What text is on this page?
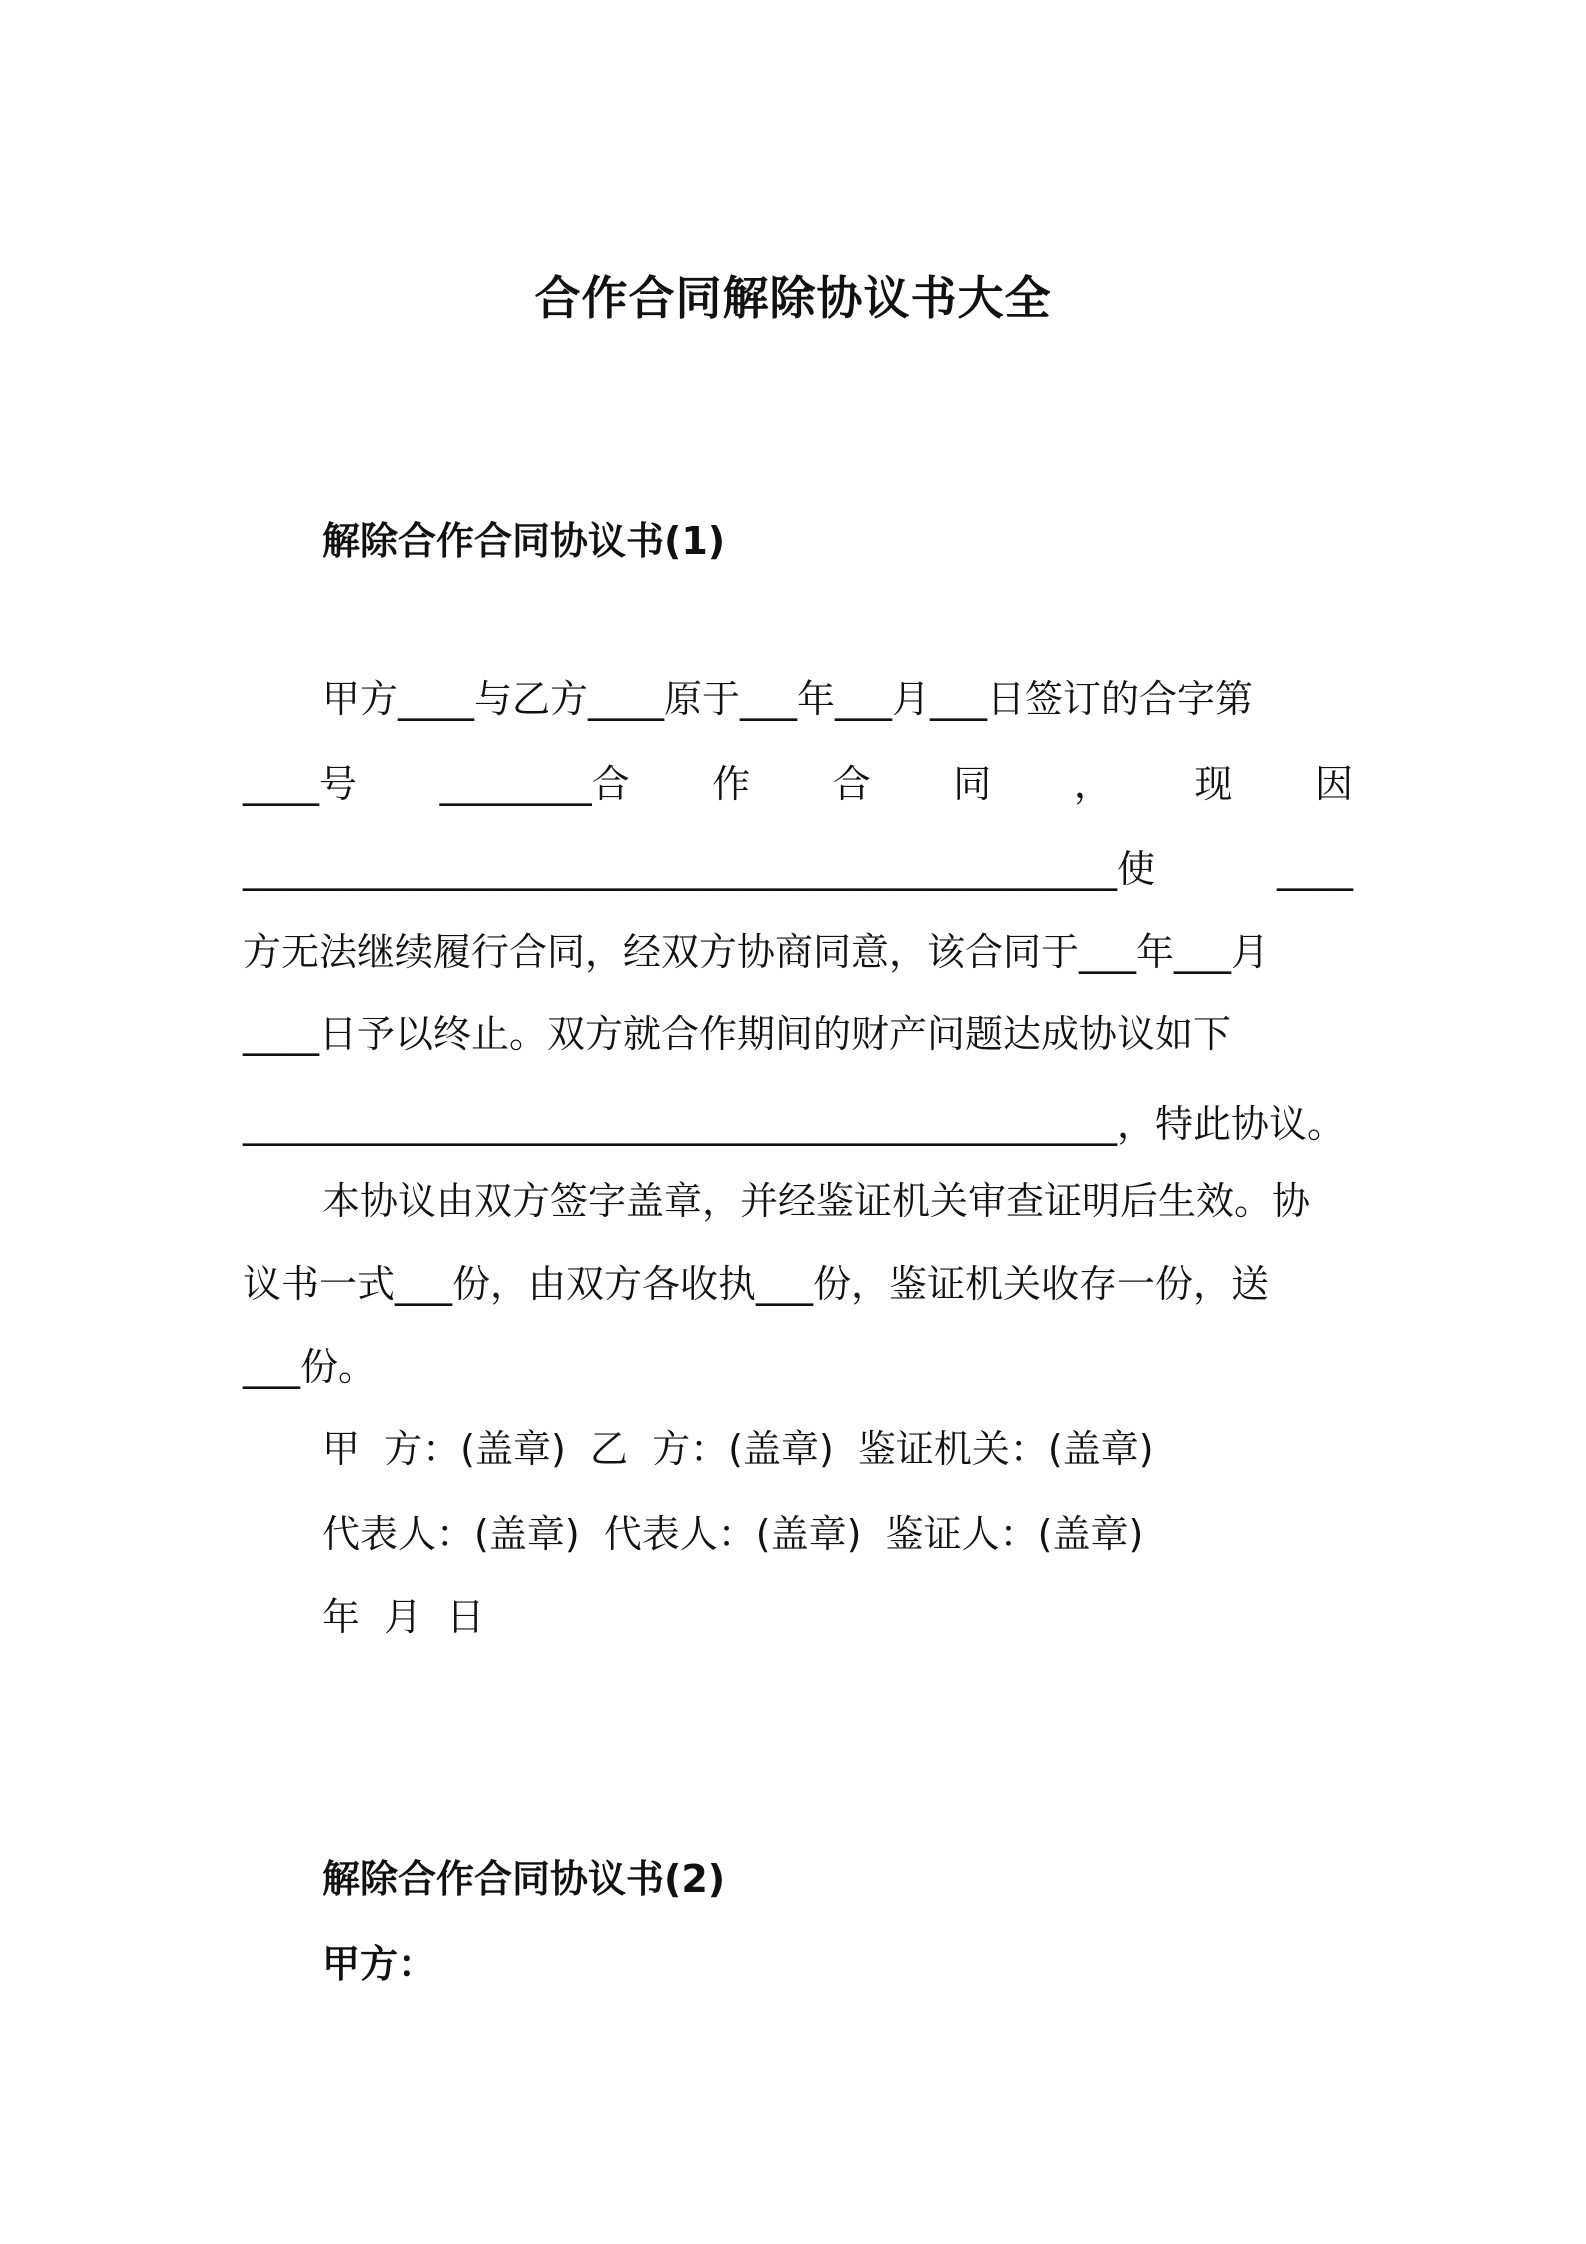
合作合同解除协议书大全
解除合作合同协议书(1)
甲方____与乙方____原于___年___月___日签订的合字第
____号 ________合 作 合 同 ， 现 因
______________________________________________使	____
方无法继续履行合同，经双方协商同意，该合同于___年___月
____日予以终止。双方就合作期间的财产问题达成协议如下
______________________________________________，特此协议。
本协议由双方签字盖章，并经鉴证机关审查证明后生效。协
议书一式___份，由双方各收执___份，鉴证机关收存一份，送
___份。
甲  方：(盖章)  乙  方：(盖章)  鉴证机关：(盖章)
代表人：(盖章)  代表人：(盖章)  鉴证人：(盖章)
年  月  日
解除合作合同协议书(2)
甲方：
